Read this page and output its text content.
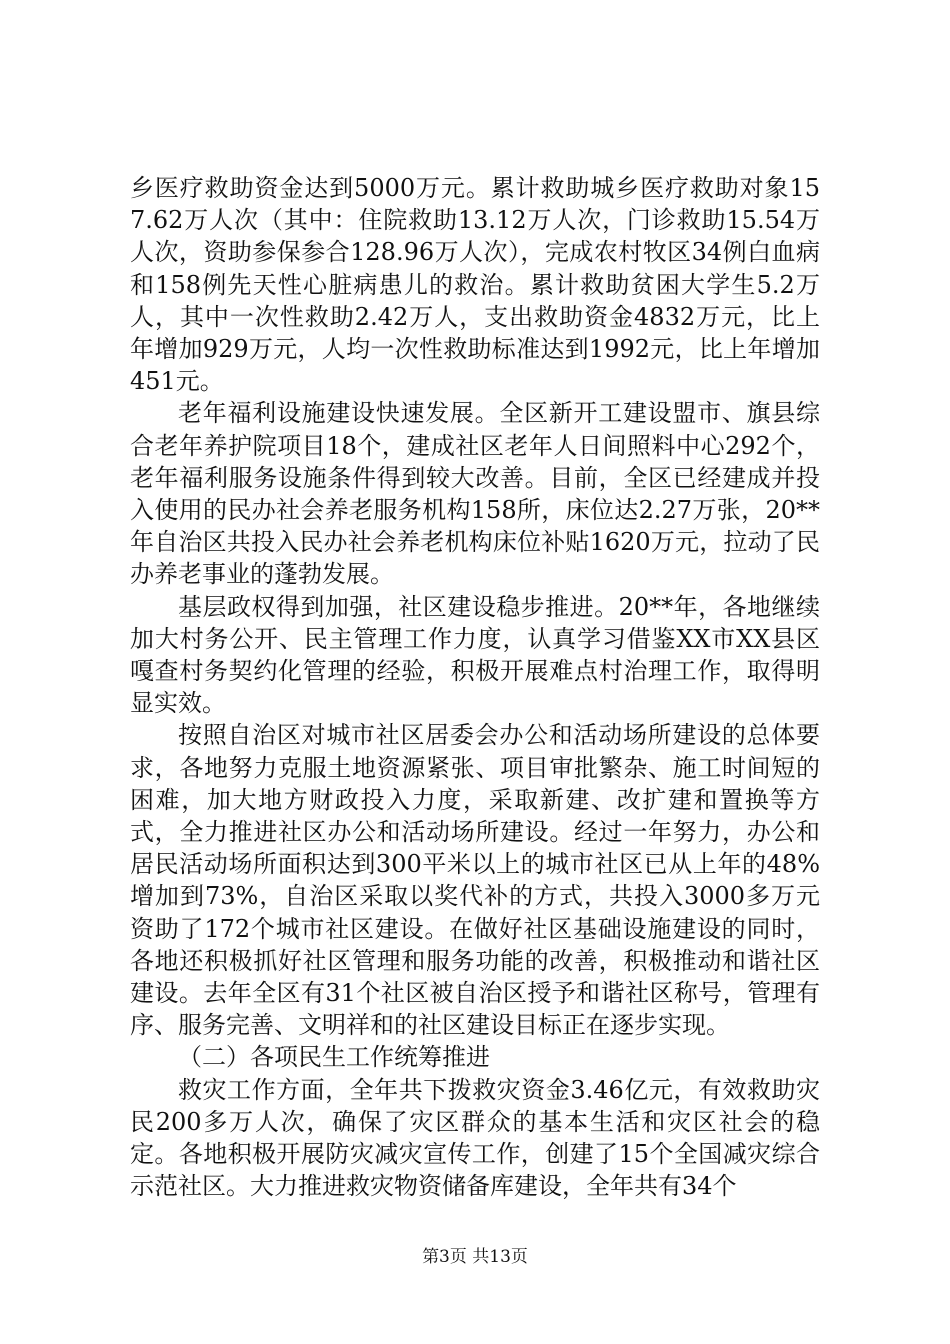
乡医疗救助资金达到5000万元。累计救助城乡医疗救助对象157.62万人次（其中：住院救助13.12万人次，门诊救助15.54万人次，资助参保参合128.96万人次），完成农村牧区34例白血病和158例先天性心脏病患儿的救治。累计救助贫困大学生5.2万人，其中一次性救助2.42万人，支出救助资金4832万元，比上年增加929万元，人均一次性救助标准达到1992元，比上年增加451元。

老年福利设施建设快速发展。全区新开工建设盟市、旗县综合老年养护院项目18个，建成社区老年人日间照料中心292个，老年福利服务设施条件得到较大改善。目前，全区已经建成并投入使用的民办社会养老服务机构158所，床位达2.27万张，20**年自治区共投入民办社会养老机构床位补贴1620万元，拉动了民办养老事业的蓬勃发展。

基层政权得到加强，社区建设稳步推进。20**年，各地继续加大村务公开、民主管理工作力度，认真学习借鉴XX市XX县区嘎查村务契约化管理的经验，积极开展难点村治理工作，取得明显实效。

按照自治区对城市社区居委会办公和活动场所建设的总体要求，各地努力克服土地资源紧张、项目审批繁杂、施工时间短的困难，加大地方财政投入力度，采取新建、改扩建和置换等方式，全力推进社区办公和活动场所建设。经过一年努力，办公和居民活动场所面积达到300平米以上的城市社区已从上年的48%增加到73%，自治区采取以奖代补的方式，共投入3000多万元资助了172个城市社区建设。在做好社区基础设施建设的同时，各地还积极抓好社区管理和服务功能的改善，积极推动和谐社区建设。去年全区有31个社区被自治区授予和谐社区称号，管理有序、服务完善、文明祥和的社区建设目标正在逐步实现。

（二）各项民生工作统筹推进

救灾工作方面，全年共下拨救灾资金3.46亿元，有效救助灾民200多万人次，确保了灾区群众的基本生活和灾区社会的稳定。各地积极开展防灾减灾宣传工作，创建了15个全国减灾综合示范社区。大力推进救灾物资储备库建设，全年共有34个

第3页 共13页
